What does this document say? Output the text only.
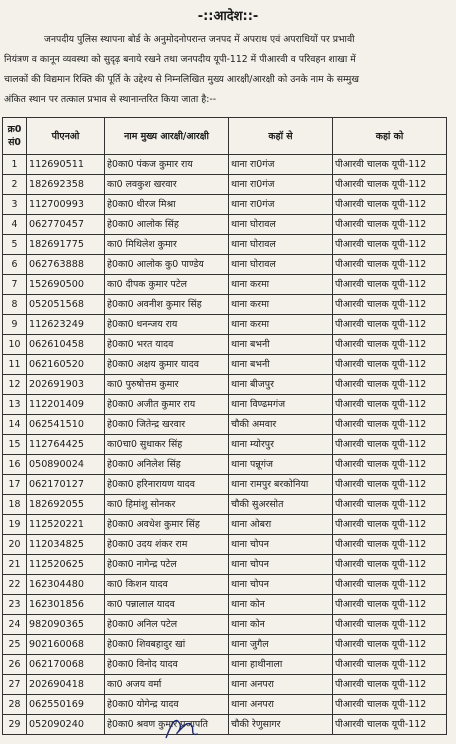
-::आदेश::-
जनपदीय पुलिस स्थापना बोर्ड के अनुमोदनोपरान्त जनपद में अपराध एवं अपराधियों पर प्रभावी
नियंत्रण व कानून व्यवस्था को सुदृढ़ बनाये रखने तथा जनपदीय यूपी-112 में पीआरवी व परिवहन शाखा में
चालकों की विद्यमान रिक्ति की पूर्ति के उद्देश्य से निम्नलिखित मुख्य आरक्षी/आरक्षी को उनके नाम के सम्मुख
अंकित स्थान पर तत्काल प्रभाव से स्थानान्तरित किया जाता है:--
क्र0
सं0	पीएनओ	नाम मुख्य आरक्षी/आरक्षी	कहॉ से	कहां को
1	112690511	हे0का0 पंकज कुमार राय	थाना रा0गंज	पीआरवी चालक यूपी-112
2	182692358	का0 लवकुश खरवार	थाना रा0गंज	पीआरवी चालक यूपी-112
3	112700993	हे0का0 धीरज मिश्रा	थाना रा0गंज	पीआरवी चालक यूपी-112
4	062770457	हे0का0 आलोक सिंह	थाना घोरावल	पीआरवी चालक यूपी-112
5	182691775	का0 मिथिलेश कुमार	थाना घोरावल	पीआरवी चालक यूपी-112
6	062763888	हे0का0 आलोक कु0 पाण्डेय	थाना घोरावल	पीआरवी चालक यूपी-112
7	152690500	का0 दीपक कुमार पटेल	थाना करमा	पीआरवी चालक यूपी-112
8	052051568	हे0का0 अवनीश कुमार सिंह	थाना करमा	पीआरवी चालक यूपी-112
9	112623249	हे0का0 धनन्जय राय	थाना करमा	पीआरवी चालक यूपी-112
10	062610458	हे0का0 भरत यादव	थाना बभनी	पीआरवी चालक यूपी-112
11	062160520	हे0का0 अक्षय कुमार यादव	थाना बभनी	पीआरवी चालक यूपी-112
12	202691903	का0 पुरुषोत्तम कुमार	थाना बीजपुर	पीआरवी चालक यूपी-112
13	112201409	हे0का0 अजीत कुमार राय	थाना विण्ढमगंज	पीआरवी चालक यूपी-112
14	062541510	हे0का0 जितेन्द्र खरवार	चौकी अमवार	पीआरवी चालक यूपी-112
15	112764425	का0चा0 सुधाकर सिंह	थाना म्योरपुर	पीआरवी चालक यूपी-112
16	050890024	हे0का0 अनिलेश सिंह	थाना पन्नूगंज	पीआरवी चालक यूपी-112
17	062170127	हे0का0 हरिनारायण यादव	थाना रामपुर बरकोनिया	पीआरवी चालक यूपी-112
18	182692055	का0 हिमांशु सोनकर	चौकी सुअरसोत	पीआरवी चालक यूपी-112
19	112520221	हे0का0 अवधेश कुमार सिंह	थाना ओबरा	पीआरवी चालक यूपी-112
20	112034825	हे0का0 उदय शंकर राम	थाना चोपन	पीआरवी चालक यूपी-112
21	112520625	हे0का0 नागेन्द्र पटेल	थाना चोपन	पीआरवी चालक यूपी-112
22	162304480	का0 किशन यादव	थाना चोपन	पीआरवी चालक यूपी-112
23	162301856	का0 पन्नालाल यादव	थाना कोन	पीआरवी चालक यूपी-112
24	982090365	हे0का0 अनिल पटेल	थाना कोन	पीआरवी चालक यूपी-112
25	902160068	हे0का0 शिवबहादुर खां	थाना जुगैल	पीआरवी चालक यूपी-112
26	062170068	हे0का0 विनोद यादव	थाना हाथीनाला	पीआरवी चालक यूपी-112
27	202690418	का0 अजय वर्मा	थाना अनपरा	पीआरवी चालक यूपी-112
28	062550169	हे0का0 योगेन्द्र यादव	थाना अनपरा	पीआरवी चालक यूपी-112
29	052090240	हे0का0 श्रवण कुमार प्रजापति	चौकी रेणुसागर	पीआरवी चालक यूपी-112
